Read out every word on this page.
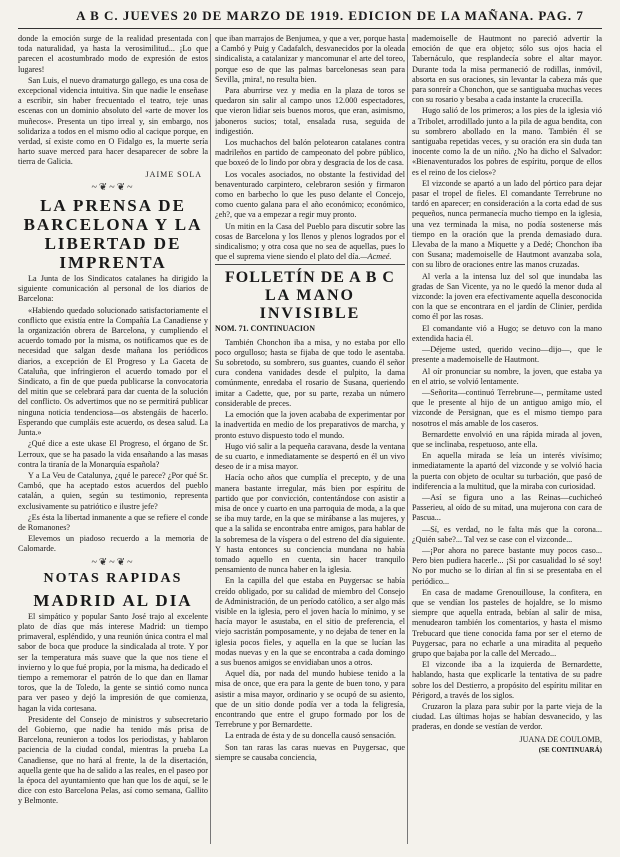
A B C. JUEVES 20 DE MARZO DE 1919. EDICION DE LA MAÑANA. PAG. 7

donde la emoción surge de la realidad presentada con toda naturalidad, ya hasta la verosimilitud... ¡Lo que parecen el acostumbrado modo de expresión de estos lugares!

San Luis, el nuevo dramaturgo gallego, es una cosa de excepcional videncia intuitiva. Sin que nadie le enseñase a escribir, sin haber frecuentado el teatro, teje unas escenas con un dominio absoluto del «arte de mover los muñecos». Presenta un tipo irreal y, sin embargo, nos solidariza a todos en el mismo odio al cacique porque, en verdad, sí existe como en O Fidalgo es, la muerte sería harto suave merced para hacer desaparecer de sobre la tierra de Galicia.

JAIME SOLA
~❦~❦~
LA PRENSA DE BARCELONA Y LA LIBERTAD DE IMPRENTA

La Junta de los Sindicatos catalanes ha dirigido la siguiente comunicación al personal de los diarios de Barcelona:

«Habiendo quedado solucionado satisfactoriamente el conflicto que existía entre la Compañía La Canadiense y la organización obrera de Barcelona, y cumpliendo el acuerdo tomado por la misma, os notificamos que es de necesidad que salgan desde mañana los periódicos diarios, a excepción de El Progreso y La Gaceta de Cataluña, que infringieron el acuerdo tomado por el Sindicato, a fin de que pueda publicarse la convocatoria del mitin que se celebrará para dar cuenta de la solución del conflicto. Os advertimos que no se permitirá publicar ninguna noticia tendenciosa—os abstengáis de hacerlo. Esperando que cumpláis este acuerdo, os desea salud. La Junta.»

¿Qué dice a este ukase El Progreso, el órgano de Sr. Lerroux, que se ha pasado la vida ensañando a las masas contra la tiranía de la Monarquía española?

Y a La Veu de Catalunya, ¿qué le parece? ¿Por qué Sr. Cambó, que ha aceptado estos acuerdos del pueblo catalán, a quien, según su testimonio, representa exclusivamente su patriótico e ilustre jefe?

¿Es ésta la libertad inmanente a que se refiere el conde de Romanones?

Elevemos un piadoso recuerdo a la memoria de Calomarde.

~❦~❦~
NOTAS RAPIDAS
MADRID AL DIA

El simpático y popular Santo José trajo al excelente plato de días que más interese Madrid: un tiempo primaveral, espléndido, y una reunión única contra el mal sabor de boca que produce la sindicalada al trote. Y por ser la temperatura más suave que la que nos tiene el invierno y lo que fué propia, por la misma, ha dedicado el tiempo a rememorar el patrón de lo que dan en llamar toros, que la de Toledo, la gente se sintió como nunca para ver paseo y dejó la impresión de que comienza, hagan la vida cortesana.

Presidente del Consejo de ministros y subsecretario del Gobierno, que nadie ha tenido más prisa de Barcelona, reunieron a todos los periodistas, y hablaron paciencia de la ciudad condal, mientras la prueba La Canadiense, que no hará al frente, la de la disertación, aquella gente que ha de salido a las reales, en el paseo por la época del ayuntamiento que han que los de aquí, se le dice con esto Barcelona Pelas, así como semana, Gallito y Belmonte.

que iban marrajos de Benjumea, y que a ver, porque hasta a Cambó y Puig y Cadafalch, desvanecidos por la oleada sindicalista, a catalanizar y mancomunar el arte del toreo, porque eso de que las palmas barcelonesas sean para Sevilla, ¡mira!, no resulta bien.

Para aburrirse vez y media en la plaza de toros se quedaron sin salir al campo unos 12.000 espectadores, que vieron lidiar seis buenos moros, que eran, asimismo, jaboneros sucios; total, ensalada rusa, seguida de indigestión.

Los muchachos del balón pelotearon catalanes contra madrileños en partido de campeonato del pobre público, que boxeó de lo lindo por obra y desgracia de los de casa.

Los vocales asociados, no obstante la festividad del benaventurado carpintero, celebraron sesión y firmaron como en barbecho lo que les puso delante el Concejo, como cuento galana para el año económico; económico, ¿eh?, que va a empezar a regir muy pronto.

Un mitin en la Casa del Pueblo para discutir sobre las cosas de Barcelona y los llenos y plenos logrados por el sindicalismo; y otra cosa que no sea de aquellas, pues lo que el suprema viene siendo el plato del día.—Acmeé.

FOLLETÍN DE A B C
LA MANO INVISIBLE
NOM. 71. CONTINUACION

También Chonchon iba a misa, y no estaba por ello poco orgulloso; hasta se fijaba de que todo le asentaba. Su sobretodo, su sombrero, sus guantes, cuando él señor cura condena vanidades desde el pulpito, la dama comúnmente, enredaba el rosario de Susana, queriendo imitar a Cadette, que, por su parte, rezaba un número considerable de preces.

La emoción que la joven acababa de experimentar por la inadvertida en medio de los preparativos de marcha, y pronto estuvo dispuesto todo el mundo.

Hugo vió salir a la pequeña caravana, desde la ventana de su cuarto, e inmediatamente se despertó en él un vivo deseo de ir a misa mayor.

Hacía ocho años que cumplía el precepto, y de una manera bastante irregular, más bien por espíritu de partido que por convicción, contentándose con asistir a misa de once y cuarto en una parroquia de moda, a la que se iba muy tarde, en la que se mirábanse a las mujeres, y que a la salida se encontraba entre amigos, para hablar de la sobremesa de la víspera o del estreno del día siguiente. Y hasta entonces su conciencia mundana no había tomado aquello en cuenta, sin hacer tranquilo pensamiento de nunca haber en la iglesia.

En la capilla del que estaba en Puygersac se había creído obligado, por su calidad de miembro del Consejo de Administración, de un período católico, a ser algo más visible en la iglesia, pero el joven hacía lo mínimo, y se hacía mayor le asustaba, en el sitio de preferencia, el viejo sacristán pomposamente, y no dejaba de tener en la iglesia pocos fieles, y aquella en la que se lucían las modas nuevas y en la que se encontraba a cada domingo a sus buenos amigos se envidiaban unos a otros.

Aquel día, por nada del mundo hubiese tenido a la misa de once, que era para la gente de buen tono, y para asistir a misa mayor, ordinario y se ocupó de su asiento, que de un sitio donde podía ver a toda la feligresía, encontrando que entre el grupo formado por los de Terrebrune y por Bernardette.

La entrada de ésta y de su doncella causó sensación.

Son tan raras las caras nuevas en Puygersac, que siempre se causaba conciencia,

mademoiselle de Hautmont no pareció advertir la emoción de que era objeto; sólo sus ojos hacia el Tabernáculo, que resplandecía sobre el altar mayor. Durante toda la misa permaneció de rodillas, inmóvil, absorta en sus oraciones, sin levantar la cabeza más que para sonreír a Chonchon, que se santiguaba muchas veces con su rosario y besaba a cada instante la cruceciIla.

Hugo salió de los primeros; a los pies de la iglesia vió a Tribolet, arrodillado junto a la pila de agua bendita, con su sombrero abollado en la mano. También él se santiguaba repetidas veces, y su oración era sin duda tan inocente como la de un niño. ¿No ha dicho el Salvador: «Bienaventurados los pobres de espíritu, porque de ellos es el reino de los cielos»?

El vizconde se apartó a un lado del pórtico para dejar pasar el tropel de fieles. El comandante Terrebrune no tardó en aparecer; en consideración a la corta edad de sus pequeños, nunca permanecía mucho tiempo en la iglesia, una vez terminada la misa, no podía sostenerse más tiempo en la oración que la prenda demasiado dura. Llevaba de la mano a Miquette y a Dedé; Chonchon iba con Susana; mademoiselle de Hautmont avanzaba sola, con su libro de oraciones entre las manos cruzadas.

Al verla a la intensa luz del sol que inundaba las gradas de San Vicente, ya no le quedó la menor duda al vizconde: la joven era efectivamente aquella desconocida con la que se encontrara en el jardín de Clinier, perdida como él por las rosas.

El comandante vió a Hugo; se detuvo con la mano extendida hacia él.

—Déjeme usted, querido vecino—dijo—, que le presente a mademoiselle de Hautmont.

Al oír pronunciar su nombre, la joven, que estaba ya en el atrio, se volvió lentamente.

—Señorita—continuó Terrebrune—, permítame usted que le presente al hijo de un antiguo amigo mío, el vizconde de Persignan, que es el mismo tiempo para nosotros el más amable de los caseros.

Bernardette envolvió en una rápida mirada al joven, que se inclinaba, respetuoso, ante ella.

En aquella mirada se leía un interés vivísimo; inmediatamente la apartó del vizconde y se volvió hacia la puerta con objeto de ocultar su turbación, que pasó de indiferencia a la multitud, que la miraba con curiosidad.

—Así se figura uno a las Reinas—cuchicheó Passerieu, al oído de su mitad, una mujerona con cara de Pascua...

—Sí, es verdad, no le falta más que la corona... ¿Quién sabe?... Tal vez se case con el vizconde...

—¡Por ahora no parece bastante muy pocos caso... Pero bien pudiera hacerle... ¡Si por casualidad lo sé soy! No por mucho se lo dirían al fin si se presentaba en el periódico...

En casa de madame Grenouillouse, la confitera, en que se vendían los pasteles de hojaldre, se lo mismo siempre que aquella entrada, bebían al salir de misa, menudearon también los comentarios, y hasta el mismo Trebucard que tiene conocida fama por ser el eterno de Puygersac, para no echarle a una miradita al pequeño grupo que bajaba por la calle del Mercado...

El vizconde iba a la izquierda de Bernardette, hablando, hasta que explicarle la tentativa de su padre sobre los del Destierro, a propósito del espíritu militar en Périgord, a través de los siglos.

Cruzaron la plaza para subir por la parte vieja de la ciudad. Las últimas hojas se habían desvanecido, y las praderas, en donde se vestían de verdor.

JUANA DE COULOMB,
(SE CONTINUARÁ)
